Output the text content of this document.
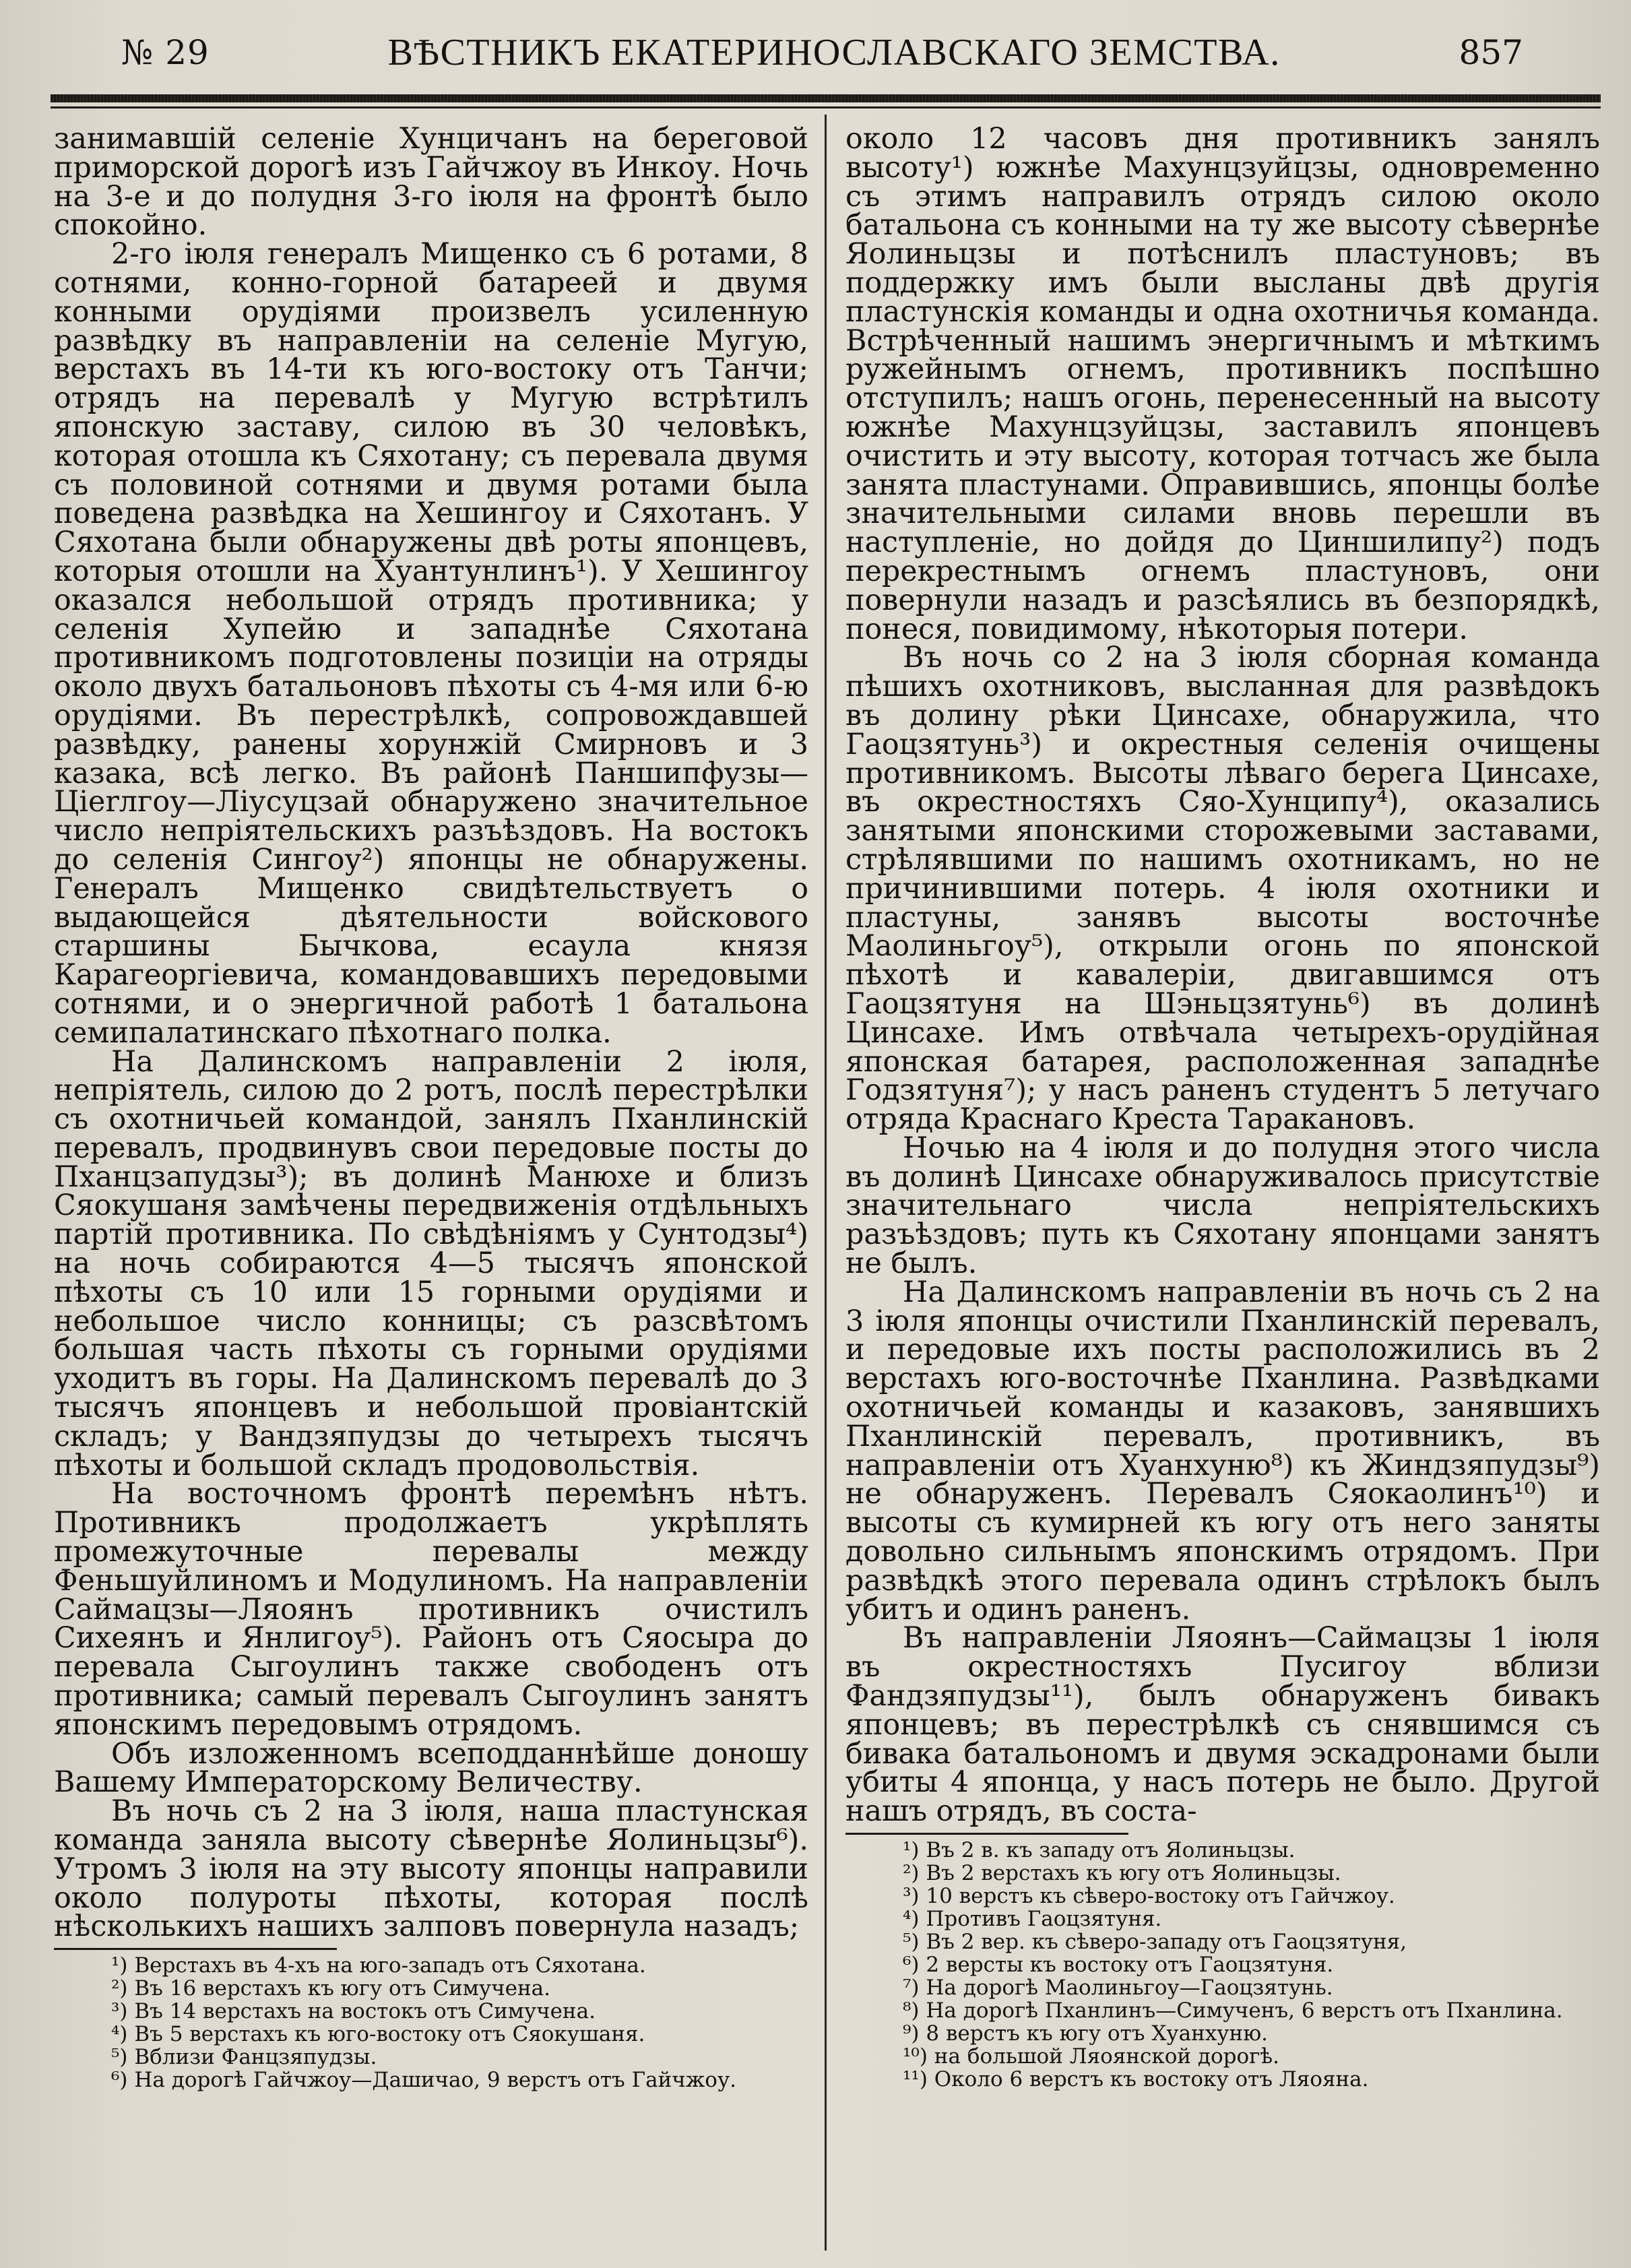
№ 29	ВѢСТНИКЪ ЕКАТЕРИНОСЛАВСКАГО ЗЕМСТВА.	857

занимавшій селеніе Хунцичанъ на береговой приморской дорогѣ изъ Гайчжоу въ Инкоу. Ночь на 3-е и до полудня 3-го іюля на фронтѣ было спокойно.

2-го іюля генералъ Мищенко съ 6 ротами, 8 сотнями, конно-горной батареей и двумя конными орудіями произвелъ усиленную развѣдку въ направленіи на селеніе Мугую, верстахъ въ 14-ти къ юго-востоку отъ Танчи; отрядъ на перевалѣ у Мугую встрѣтилъ японскую заставу, силою въ 30 человѣкъ, которая отошла къ Сяхотану; съ перевала двумя съ половиной сотнями и двумя ротами была поведена развѣдка на Хешингоу и Сяхотанъ. У Сяхотана были обнаружены двѣ роты японцевъ, которыя отошли на Хуантунлинъ¹). У Хешингоу оказался небольшой отрядъ противника; у селенія Хупейю и западнѣе Сяхотана противникомъ подготовлены позиціи на отряды около двухъ батальоновъ пѣхоты съ 4-мя или 6-ю орудіями. Въ перестрѣлкѣ, сопровождавшей развѣдку, ранены хорунжій Смирновъ и 3 казака, всѣ легко. Въ районѣ Паншипфузы—Цierлгоу—Ліусуцзай обнаружено значительное число непріятельскихъ разъѣздовъ. На востокъ до селенія Сингоу²) японцы не обнаружены. Генералъ Мищенко свидѣтельствуетъ о выдающейся дѣятельности войскового старшины Бычкова, есаула князя Карагеоргіевича, командовавшихъ передовыми сотнями, и о энергичной работѣ 1 батальона семипалатинскаго пѣхотнаго полка.

На Далинскомъ направленіи 2 іюля, непріятель, силою до 2 ротъ, послѣ перестрѣлки съ охотничьей командой, занялъ Пханлинскій перевалъ, продвинувъ свои передовые посты до Пханцзапудзы³); въ долинѣ Манюхе и близъ Сяокушаня замѣчены передвиженія отдѣльныхъ партій противника. По свѣдѣніямъ у Сунтодзы⁴) на ночь собираются 4—5 тысячъ японской пѣхоты съ 10 или 15 горными орудіями и небольшое число конницы; съ разсвѣтомъ большая часть пѣхоты съ горными орудіями уходитъ въ горы. На Далинскомъ перевалѣ до 3 тысячъ японцевъ и небольшой провіантскій складъ; у Вандзяпудзы до четырехъ тысячъ пѣхоты и большой складъ продовольствія.

На восточномъ фронтѣ перемѣнъ нѣтъ. Противникъ продолжаетъ укрѣплять промежуточные перевалы между Феньшуйлиномъ и Модулиномъ. На направленіи Саймацзы—Ляоянъ противникъ очистилъ Сихеянъ и Янлигоу⁵). Районъ отъ Сяосыра до перевала Сыгоулинъ также свободенъ отъ противника; самый перевалъ Сыгоулинъ занятъ японскимъ передовымъ отрядомъ.

Объ изложенномъ всеподданнѣйше доношу Вашему Императорскому Величеству.

Въ ночь съ 2 на 3 іюля, наша пластунская команда заняла высоту сѣвернѣе Яолиньцзы⁶). Утромъ 3 іюля на эту высоту японцы направили около полуроты пѣхоты, которая послѣ нѣсколькихъ нашихъ залповъ повернула назадъ;

¹) Верстахъ въ 4-хъ на юго-западъ отъ Сяхотана.
²) Въ 16 верстахъ къ югу отъ Симучена.
³) Въ 14 верстахъ на востокъ отъ Симучена.
⁴) Въ 5 верстахъ къ юго-востоку отъ Сяокушаня.
⁵) Вблизи Фанцзяпудзы.
⁶) На дорогѣ Гайчжоу—Дашичао, 9 верстъ отъ Гайчжоу.

около 12 часовъ дня противникъ занялъ высоту¹) южнѣе Махунцзуйцзы, одновременно съ этимъ направилъ отрядъ силою около батальона съ конными на ту же высоту сѣвернѣе Яолиньцзы и потѣснилъ пластуновъ; въ поддержку имъ были высланы двѣ другія пластунскія команды и одна охотничья команда. Встрѣченный нашимъ энергичнымъ и мѣткимъ ружейнымъ огнемъ, противникъ поспѣшно отступилъ; нашъ огонь, перенесенный на высоту южнѣе Махунцзуйцзы, заставилъ японцевъ очистить и эту высоту, которая тотчасъ же была занята пластунами. Оправившись, японцы болѣе значительными силами вновь перешли въ наступленіе, но дойдя до Циншилипу²) подъ перекрестнымъ огнемъ пластуновъ, они повернули назадъ и разсѣялись въ безпорядкѣ, понеся, повидимому, нѣкоторыя потери.

Въ ночь со 2 на 3 іюля сборная команда пѣшихъ охотниковъ, высланная для развѣдокъ въ долину рѣки Цинсахе, обнаружила, что Гаоцзятунь³) и окрестныя селенія очищены противникомъ. Высоты лѣваго берега Цинсахе, въ окрестностяхъ Сяо-Хунципу⁴), оказались занятыми японскими сторожевыми заставами, стрѣлявшими по нашимъ охотникамъ, но не причинившими потерь. 4 іюля охотники и пластуны, занявъ высоты восточнѣе Маолиньгоу⁵), открыли огонь по японской пѣхотѣ и кавалеріи, двигавшимся отъ Гаоцзятуня на Шэньцзятунь⁶) въ долинѣ Цинсахе. Имъ отвѣчала четырехъ-орудійная японская батарея, расположенная западнѣе Годзятуня⁷); у насъ раненъ студентъ 5 летучаго отряда Краснаго Креста Таракановъ.

Ночью на 4 іюля и до полудня этого числа въ долинѣ Цинсахе обнаруживалось присутствіе значительнаго числа непріятельскихъ разъѣздовъ; путь къ Сяхотану японцами занятъ не былъ.

На Далинскомъ направленіи въ ночь съ 2 на 3 іюля японцы очистили Пханлинскій перевалъ, и передовые ихъ посты расположились въ 2 верстахъ юго-восточнѣе Пханлина. Развѣдками охотничьей команды и казаковъ, занявшихъ Пханлинскій перевалъ, противникъ, въ направленіи отъ Хуанхуню⁸) къ Жиндзяпудзы⁹) не обнаруженъ. Перевалъ Сяокаолинъ¹⁰) и высоты съ кумирней къ югу отъ него заняты довольно сильнымъ японскимъ отрядомъ. При развѣдкѣ этого перевала одинъ стрѣлокъ былъ убитъ и одинъ раненъ.

Въ направленіи Ляоянъ—Саймацзы 1 іюля въ окрестностяхъ Пусигоу вблизи Фандзяпудзы¹¹), былъ обнаруженъ бивакъ японцевъ; въ перестрѣлкѣ съ снявшимся съ бивака батальономъ и двумя эскадронами были убиты 4 японца, у насъ потерь не было. Другой нашъ отрядъ, въ соста-

¹) Въ 2 в. къ западу отъ Яолиньцзы.
²) Въ 2 верстахъ къ югу отъ Яолиньцзы.
³) 10 верстъ къ сѣверо-востоку отъ Гайчжоу.
⁴) Противъ Гаоцзятуня.
⁵) Въ 2 вер. къ сѣверо-западу отъ Гаоцзятуня,
⁶) 2 версты къ востоку отъ Гаоцзятуня.
⁷) На дорогѣ Маолиньгоу—Гаоцзятунь.
⁸) На дорогѣ Пханлинъ—Симученъ, 6 верстъ отъ Пханлина.
⁹) 8 верстъ къ югу отъ Хуанхуню.
¹⁰) на большой Ляоянской дорогѣ.
¹¹) Около 6 верстъ къ востоку отъ Ляояна.
